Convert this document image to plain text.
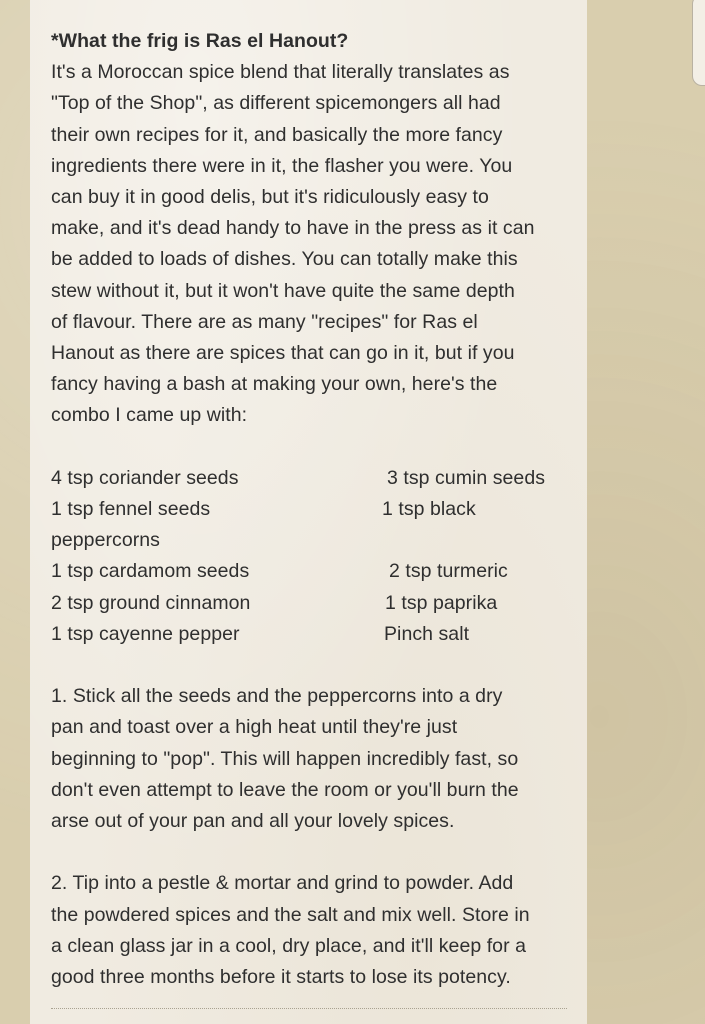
*What the frig is Ras el Hanout?

It's a Moroccan spice blend that literally translates as
"Top of the Shop", as different spicemongers all had
their own recipes for it, and basically the more fancy
ingredients there were in it, the flasher you were. You
can buy it in good delis, but it's ridiculously easy to
make, and it's dead handy to have in the press as it can
be added to loads of dishes. You can totally make this
stew without it, but it won't have quite the same depth
of flavour. There are as many "recipes" for Ras el
Hanout as there are spices that can go in it, but if you
fancy having a bash at making your own, here's the
combo I came up with:
4 tsp coriander seeds	3 tsp cumin seeds
1 tsp fennel seeds	1 tsp black
peppercorns
1 tsp cardamom seeds	2 tsp turmeric
2 tsp ground cinnamon	1 tsp paprika
1 tsp cayenne pepper	Pinch salt
1. Stick all the seeds and the peppercorns into a dry
pan and toast over a high heat until they're just
beginning to "pop". This will happen incredibly fast, so
don't even attempt to leave the room or you'll burn the
arse out of your pan and all your lovely spices.
2. Tip into a pestle & mortar and grind to powder. Add
the powdered spices and the salt and mix well. Store in
a clean glass jar in a cool, dry place, and it'll keep for a
good three months before it starts to lose its potency.
